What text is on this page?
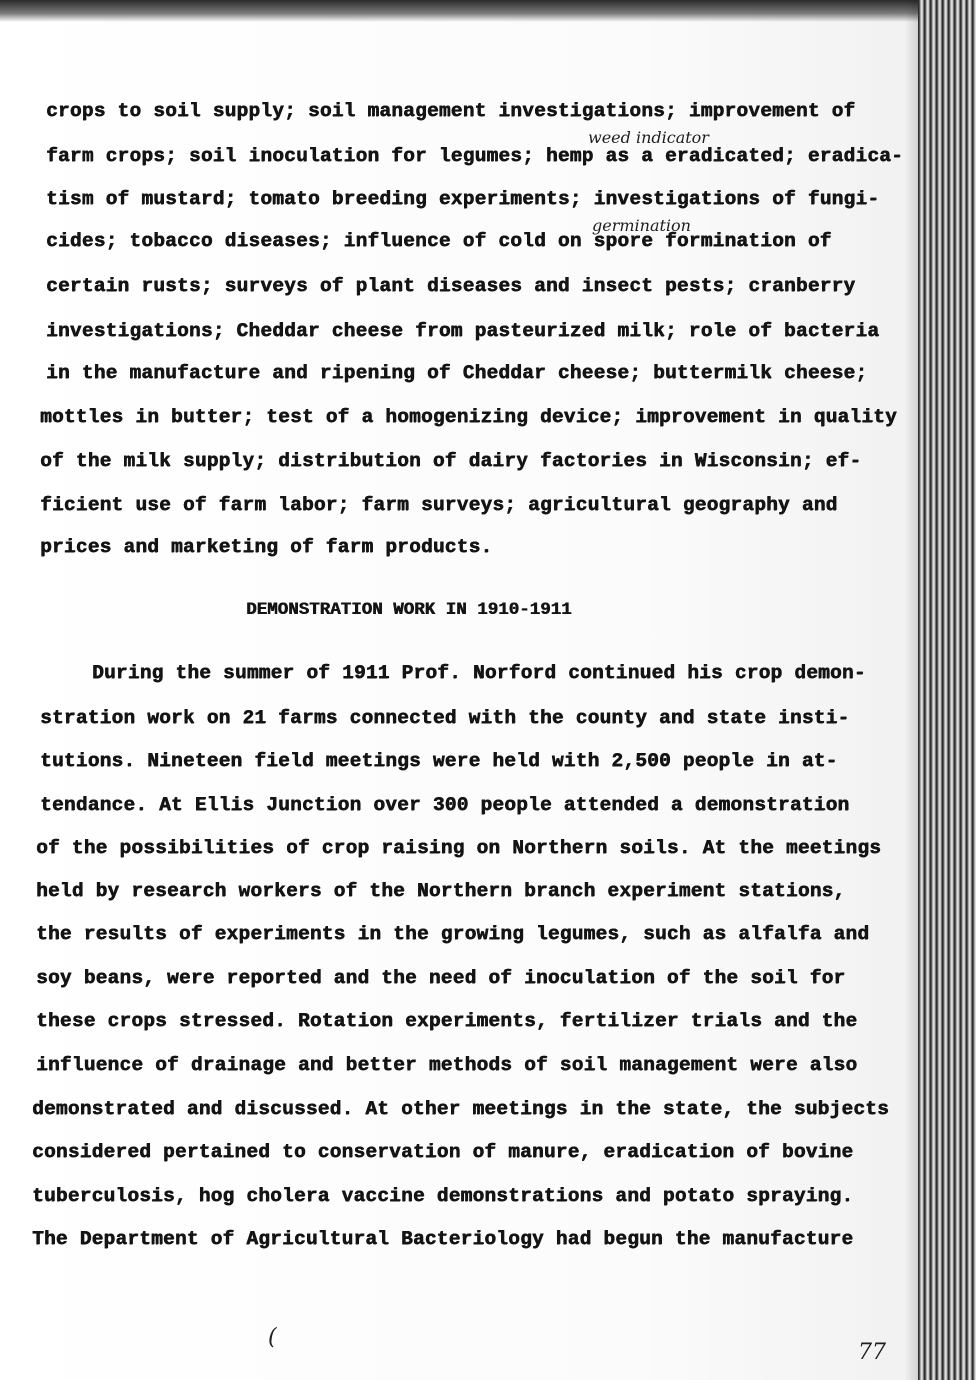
crops to soil supply; soil management investigations; improvement of
farm crops; soil inoculation for legumes; hemp as a eradicated; eradica-
tism of mustard; tomato breeding experiments; investigations of fungi-
cides; tobacco diseases; influence of cold on spore formination of
certain rusts; surveys of plant diseases and insect pests; cranberry
investigations; Cheddar cheese from pasteurized milk; role of bacteria
in the manufacture and ripening of Cheddar cheese; buttermilk cheese;
mottles in butter; test of a homogenizing device; improvement in quality
of the milk supply; distribution of dairy factories in Wisconsin; ef-
ficient use of farm labor; farm surveys; agricultural geography and
prices and marketing of farm products.
weed indicator
germination
DEMONSTRATION WORK IN 1910-1911
During the summer of 1911 Prof. Norford continued his crop demon-
stration work on 21 farms connected with the county and state insti-
tutions. Nineteen field meetings were held with 2,500 people in at-
tendance. At Ellis Junction over 300 people attended a demonstration
of the possibilities of crop raising on Northern soils. At the meetings
held by research workers of the Northern branch experiment stations,
the results of experiments in the growing legumes, such as alfalfa and
soy beans, were reported and the need of inoculation of the soil for
these crops stressed. Rotation experiments, fertilizer trials and the
influence of drainage and better methods of soil management were also
demonstrated and discussed. At other meetings in the state, the subjects
considered pertained to conservation of manure, eradication of bovine
tuberculosis, hog cholera vaccine demonstrations and potato spraying.
The Department of Agricultural Bacteriology had begun the manufacture
(
77
